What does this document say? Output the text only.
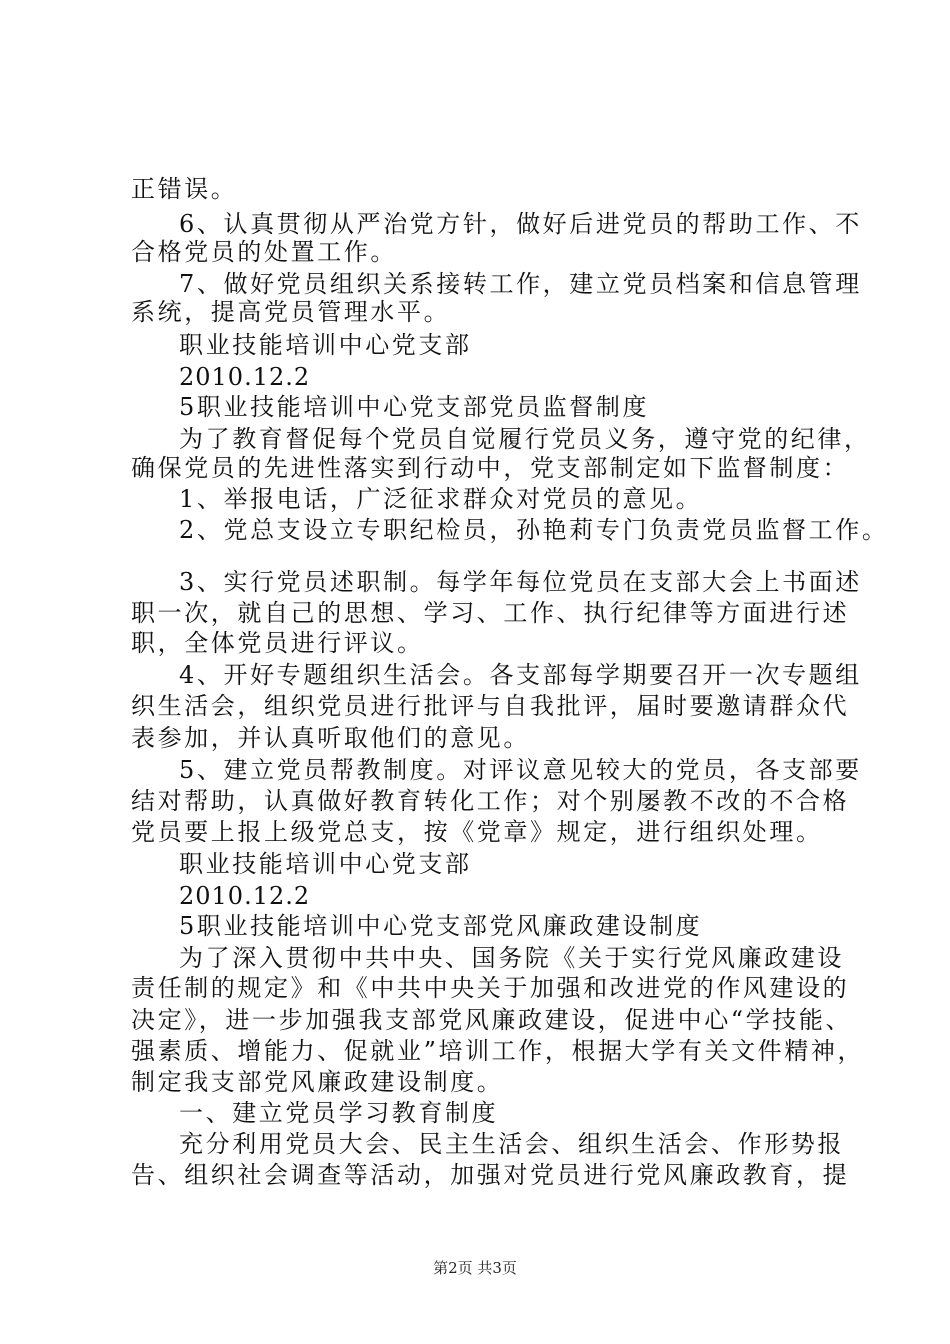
正错误。
6、认真贯彻从严治党方针，做好后进党员的帮助工作、不
合格党员的处置工作。
7、做好党员组织关系接转工作，建立党员档案和信息管理
系统，提高党员管理水平。
职业技能培训中心党支部
2010.12.2
5职业技能培训中心党支部党员监督制度
为了教育督促每个党员自觉履行党员义务，遵守党的纪律，
确保党员的先进性落实到行动中，党支部制定如下监督制度：
1、举报电话，广泛征求群众对党员的意见。
2、党总支设立专职纪检员，孙艳莉专门负责党员监督工作。
3、实行党员述职制。每学年每位党员在支部大会上书面述
职一次，就自己的思想、学习、工作、执行纪律等方面进行述
职，全体党员进行评议。
4、开好专题组织生活会。各支部每学期要召开一次专题组
织生活会，组织党员进行批评与自我批评，届时要邀请群众代
表参加，并认真听取他们的意见。
5、建立党员帮教制度。对评议意见较大的党员，各支部要
结对帮助，认真做好教育转化工作；对个别屡教不改的不合格
党员要上报上级党总支，按《党章》规定，进行组织处理。
职业技能培训中心党支部
2010.12.2
5职业技能培训中心党支部党风廉政建设制度
为了深入贯彻中共中央、国务院《关于实行党风廉政建设
责任制的规定》和《中共中央关于加强和改进党的作风建设的
决定》，进一步加强我支部党风廉政建设，促进中心“学技能、
强素质、增能力、促就业”培训工作，根据大学有关文件精神，
制定我支部党风廉政建设制度。
一、建立党员学习教育制度
充分利用党员大会、民主生活会、组织生活会、作形势报
告、组织社会调查等活动，加强对党员进行党风廉政教育，提
第2页 共3页
